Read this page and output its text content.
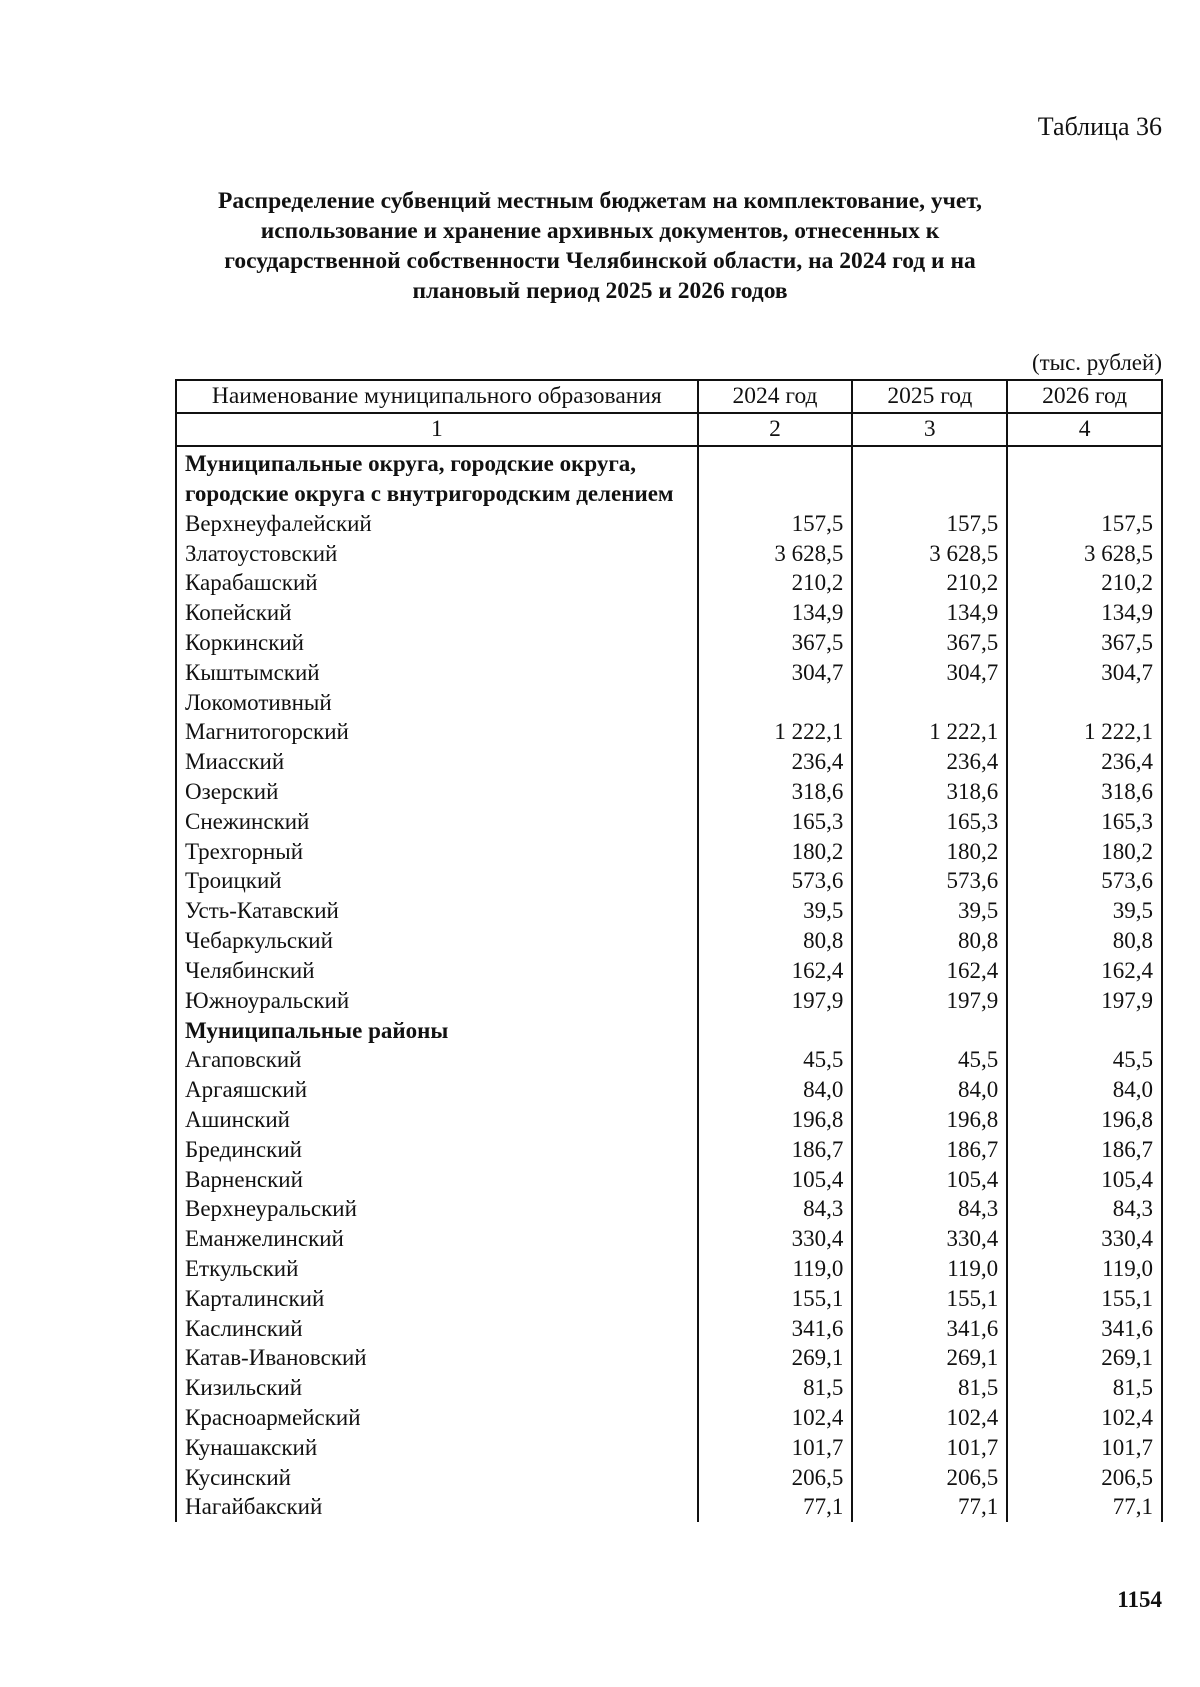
Таблица 36
Распределение субвенций местным бюджетам на комплектование, учет, использование и хранение архивных документов, отнесенных к государственной собственности Челябинской области, на 2024 год и на плановый период 2025 и 2026 годов
(тыс. рублей)
Наименование муниципального образования	2024 год	2025 год	2026 год
1	2	3	4
Муниципальные округа, городские округа, городские округа с внутригородским делением			
Верхнеуфалейский	157,5	157,5	157,5
Златоустовский	3 628,5	3 628,5	3 628,5
Карабашский	210,2	210,2	210,2
Копейский	134,9	134,9	134,9
Коркинский	367,5	367,5	367,5
Кыштымский	304,7	304,7	304,7
Локомотивный			
Магнитогорский	1 222,1	1 222,1	1 222,1
Миасский	236,4	236,4	236,4
Озерский	318,6	318,6	318,6
Снежинский	165,3	165,3	165,3
Трехгорный	180,2	180,2	180,2
Троицкий	573,6	573,6	573,6
Усть-Катавский	39,5	39,5	39,5
Чебаркульский	80,8	80,8	80,8
Челябинский	162,4	162,4	162,4
Южноуральский	197,9	197,9	197,9
Муниципальные районы			
Агаповский	45,5	45,5	45,5
Аргаяшский	84,0	84,0	84,0
Ашинский	196,8	196,8	196,8
Брединский	186,7	186,7	186,7
Варненский	105,4	105,4	105,4
Верхнеуральский	84,3	84,3	84,3
Еманжелинский	330,4	330,4	330,4
Еткульский	119,0	119,0	119,0
Карталинский	155,1	155,1	155,1
Каслинский	341,6	341,6	341,6
Катав-Ивановский	269,1	269,1	269,1
Кизильский	81,5	81,5	81,5
Красноармейский	102,4	102,4	102,4
Кунашакский	101,7	101,7	101,7
Кусинский	206,5	206,5	206,5
Нагайбакский	77,1	77,1	77,1
1154
